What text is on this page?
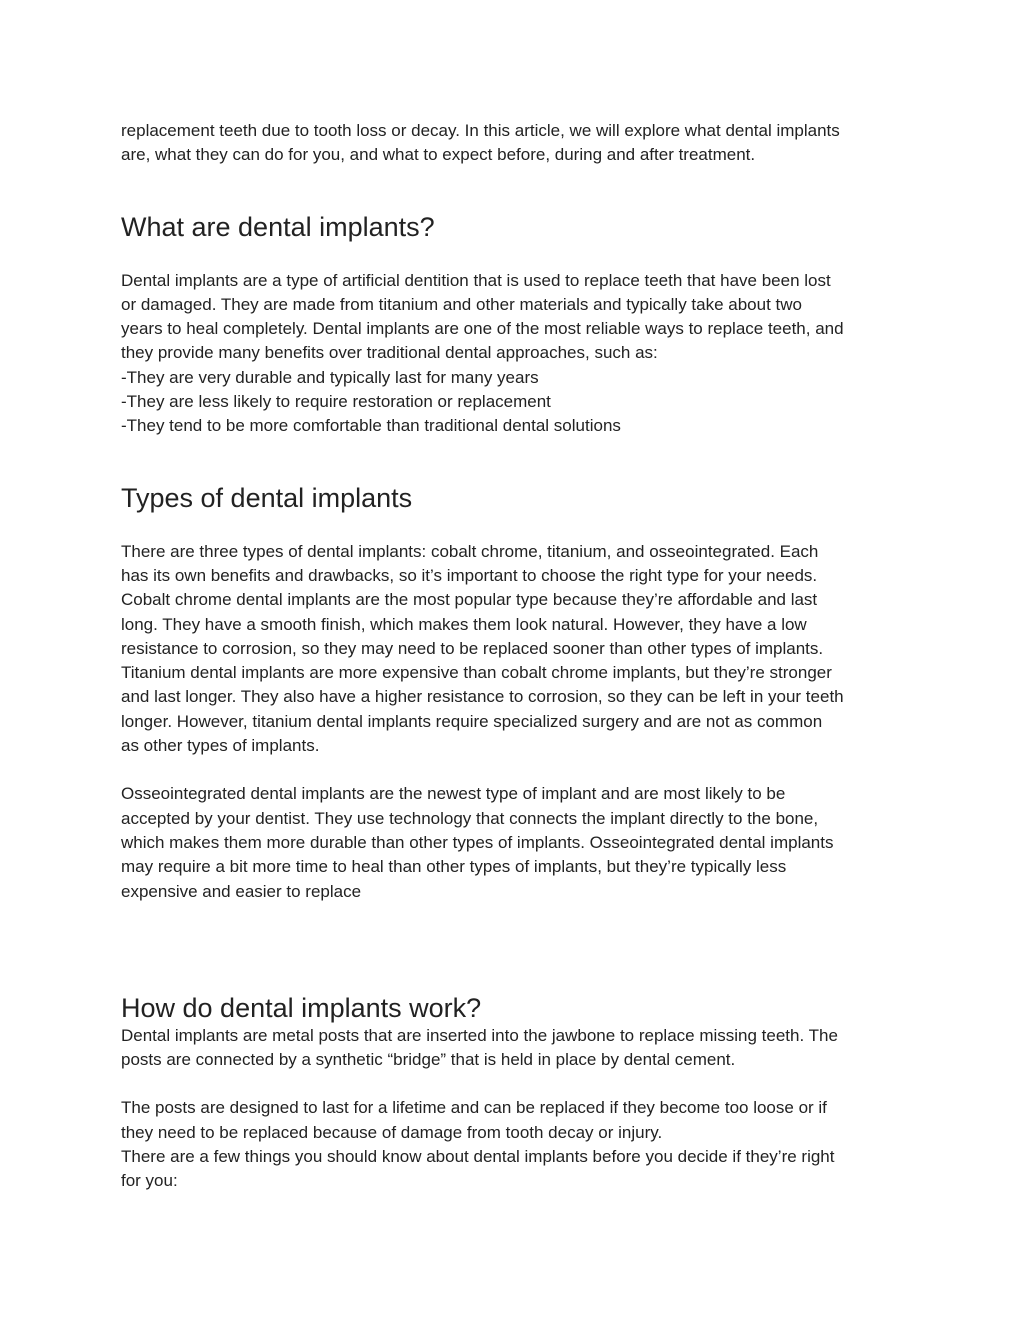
replacement teeth due to tooth loss or decay. In this article, we will explore what dental implants
are, what they can do for you, and what to expect before, during and after treatment.

What are dental implants?

Dental implants are a type of artificial dentition that is used to replace teeth that have been lost
or damaged. They are made from titanium and other materials and typically take about two
years to heal completely. Dental implants are one of the most reliable ways to replace teeth, and
they provide many benefits over traditional dental approaches, such as:
-They are very durable and typically last for many years
-They are less likely to require restoration or replacement
-They tend to be more comfortable than traditional dental solutions

Types of dental implants

There are three types of dental implants: cobalt chrome, titanium, and osseointegrated. Each
has its own benefits and drawbacks, so it’s important to choose the right type for your needs.
Cobalt chrome dental implants are the most popular type because they’re affordable and last
long. They have a smooth finish, which makes them look natural. However, they have a low
resistance to corrosion, so they may need to be replaced sooner than other types of implants.
Titanium dental implants are more expensive than cobalt chrome implants, but they’re stronger
and last longer. They also have a higher resistance to corrosion, so they can be left in your teeth
longer. However, titanium dental implants require specialized surgery and are not as common
as other types of implants.

Osseointegrated dental implants are the newest type of implant and are most likely to be
accepted by your dentist. They use technology that connects the implant directly to the bone,
which makes them more durable than other types of implants. Osseointegrated dental implants
may require a bit more time to heal than other types of implants, but they’re typically less
expensive and easier to replace

How do dental implants work?

Dental implants are metal posts that are inserted into the jawbone to replace missing teeth. The
posts are connected by a synthetic “bridge” that is held in place by dental cement.

The posts are designed to last for a lifetime and can be replaced if they become too loose or if
they need to be replaced because of damage from tooth decay or injury.
There are a few things you should know about dental implants before you decide if they’re right
for you:
